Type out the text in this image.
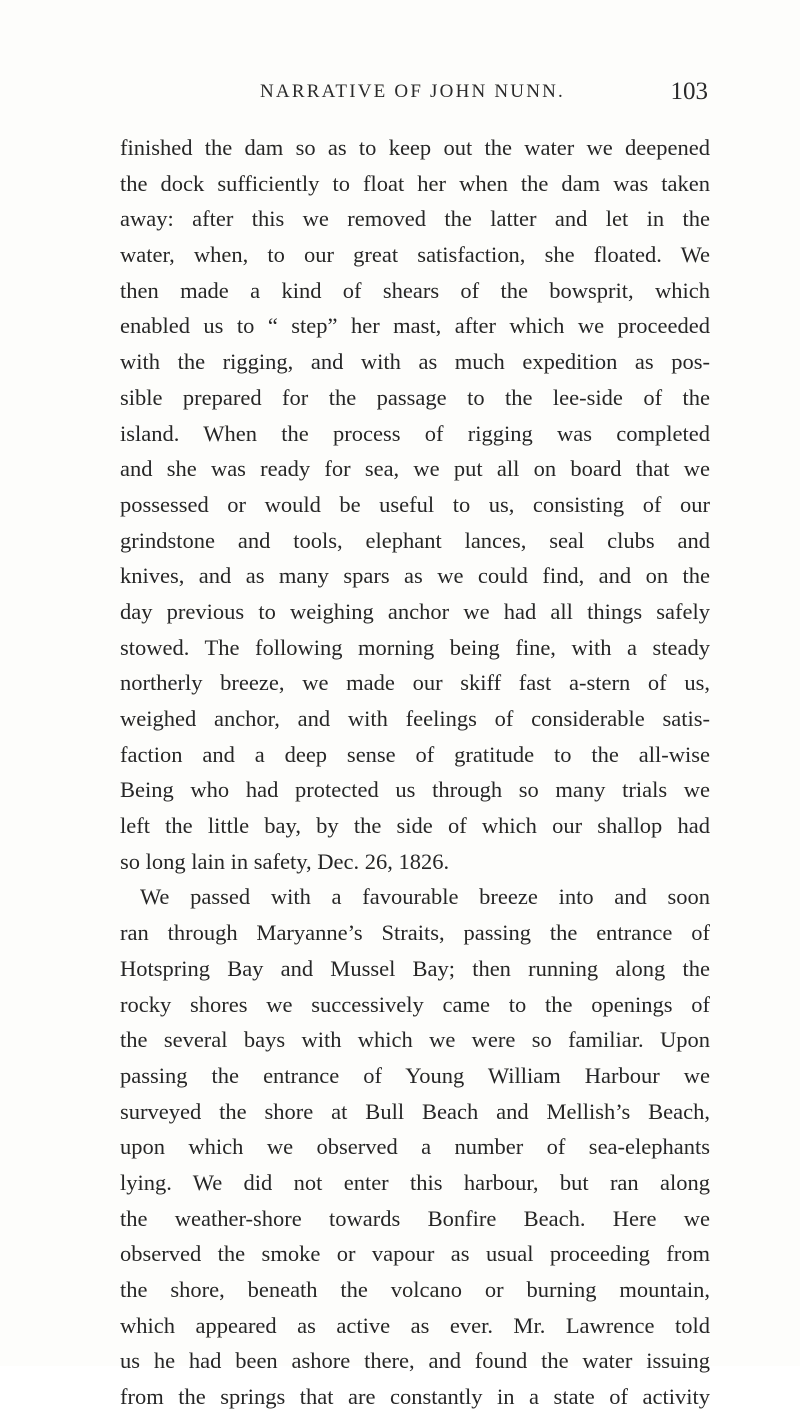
NARRATIVE OF JOHN NUNN.	103
finished the dam so as to keep out the water we deepened
the dock sufficiently to float her when the dam was taken
away: after this we removed the latter and let in the
water, when, to our great satisfaction, she floated. We
then made a kind of shears of the bowsprit, which
enabled us to “ step” her mast, after which we proceeded
with the rigging, and with as much expedition as pos-
sible prepared for the passage to the lee-side of the
island. When the process of rigging was completed
and she was ready for sea, we put all on board that we
possessed or would be useful to us, consisting of our
grindstone and tools, elephant lances, seal clubs and
knives, and as many spars as we could find, and on the
day previous to weighing anchor we had all things safely
stowed. The following morning being fine, with a steady
northerly breeze, we made our skiff fast a-stern of us,
weighed anchor, and with feelings of considerable satis-
faction and a deep sense of gratitude to the all-wise
Being who had protected us through so many trials we
left the little bay, by the side of which our shallop had
so long lain in safety, Dec. 26, 1826.
We passed with a favourable breeze into and soon
ran through Maryanne’s Straits, passing the entrance of
Hotspring Bay and Mussel Bay; then running along the
rocky shores we successively came to the openings of
the several bays with which we were so familiar. Upon
passing the entrance of Young William Harbour we
surveyed the shore at Bull Beach and Mellish’s Beach,
upon which we observed a number of sea-elephants
lying. We did not enter this harbour, but ran along
the weather-shore towards Bonfire Beach. Here we
observed the smoke or vapour as usual proceeding from
the shore, beneath the volcano or burning mountain,
which appeared as active as ever. Mr. Lawrence told
us he had been ashore there, and found the water issuing
from the springs that are constantly in a state of activity
